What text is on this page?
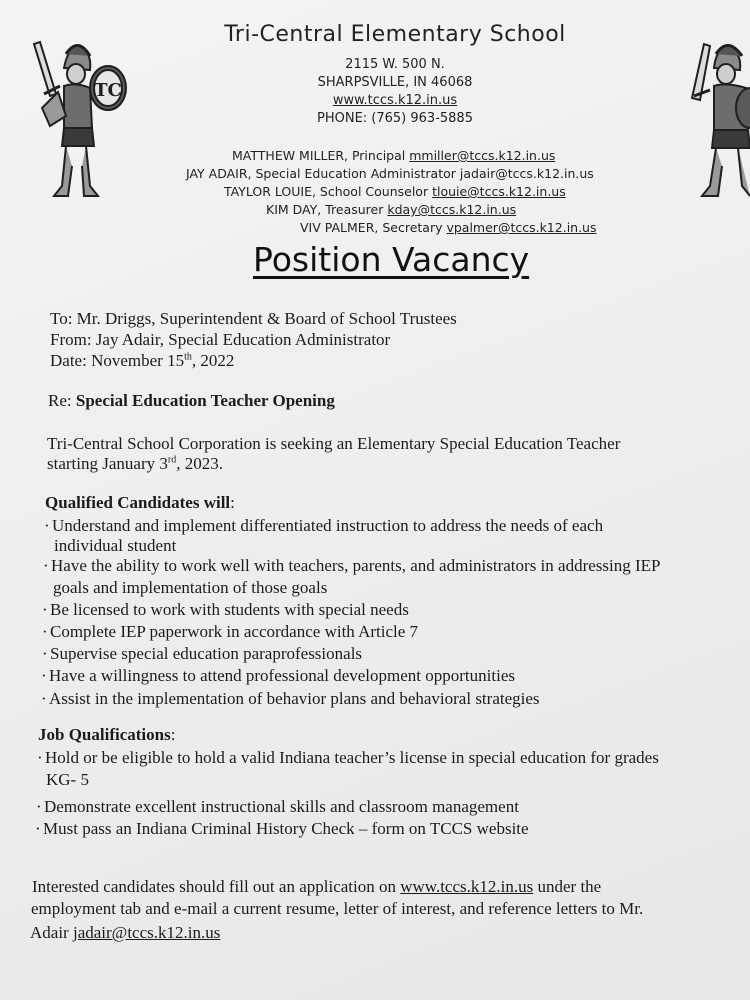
TC
Tri-Central Elementary School
2115 W. 500 N.
SHARPSVILLE, IN 46068
www.tccs.k12.in.us
PHONE: (765) 963-5885
MATTHEW MILLER, Principal mmiller@tccs.k12.in.us
JAY ADAIR, Special Education Administrator jadair@tccs.k12.in.us
TAYLOR LOUIE, School Counselor tlouie@tccs.k12.in.us
KIM DAY, Treasurer kday@tccs.k12.in.us
VIV PALMER, Secretary vpalmer@tccs.k12.in.us
Position Vacancy
To: Mr. Driggs, Superintendent & Board of School Trustees
From: Jay Adair, Special Education Administrator
Date: November 15th, 2022
Re: Special Education Teacher Opening
Tri-Central School Corporation is seeking an Elementary Special Education Teacher
starting January 3rd, 2023.
Qualified Candidates will:
· Understand and implement differentiated instruction to address the needs of each
individual student
· Have the ability to work well with teachers, parents, and administrators in addressing IEP
goals and implementation of those goals
· Be licensed to work with students with special needs
· Complete IEP paperwork in accordance with Article 7
· Supervise special education paraprofessionals
· Have a willingness to attend professional development opportunities
· Assist in the implementation of behavior plans and behavioral strategies
Job Qualifications:
· Hold or be eligible to hold a valid Indiana teacher’s license in special education for grades
KG- 5
· Demonstrate excellent instructional skills and classroom management
· Must pass an Indiana Criminal History Check – form on TCCS website
Interested candidates should fill out an application on www.tccs.k12.in.us under the
employment tab and e-mail a current resume, letter of interest, and reference letters to Mr.
Adair jadair@tccs.k12.in.us
